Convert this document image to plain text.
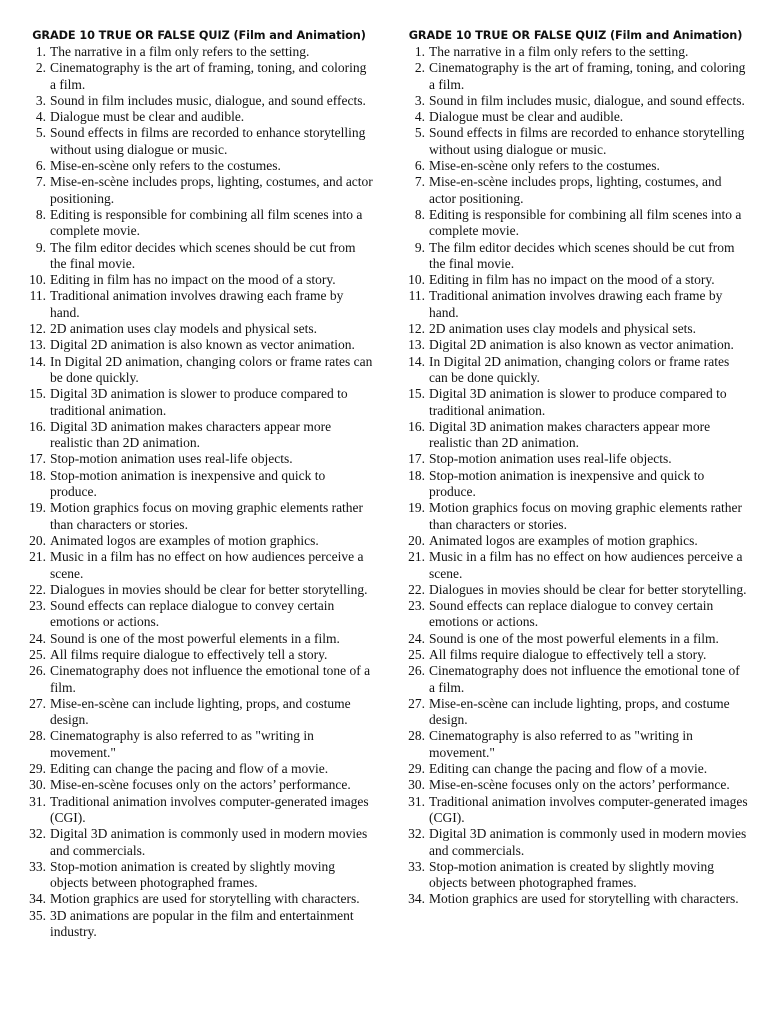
GRADE 10 TRUE OR FALSE QUIZ (Film and Animation)
1. The narrative in a film only refers to the setting.
2. Cinematography is the art of framing, toning, and coloring a film.
3. Sound in film includes music, dialogue, and sound effects.
4. Dialogue must be clear and audible.
5. Sound effects in films are recorded to enhance storytelling without using dialogue or music.
6. Mise-en-scène only refers to the costumes.
7. Mise-en-scène includes props, lighting, costumes, and actor positioning.
8. Editing is responsible for combining all film scenes into a complete movie.
9. The film editor decides which scenes should be cut from the final movie.
10. Editing in film has no impact on the mood of a story.
11. Traditional animation involves drawing each frame by hand.
12. 2D animation uses clay models and physical sets.
13. Digital 2D animation is also known as vector animation.
14. In Digital 2D animation, changing colors or frame rates can be done quickly.
15. Digital 3D animation is slower to produce compared to traditional animation.
16. Digital 3D animation makes characters appear more realistic than 2D animation.
17. Stop-motion animation uses real-life objects.
18. Stop-motion animation is inexpensive and quick to produce.
19. Motion graphics focus on moving graphic elements rather than characters or stories.
20. Animated logos are examples of motion graphics.
21. Music in a film has no effect on how audiences perceive a scene.
22. Dialogues in movies should be clear for better storytelling.
23. Sound effects can replace dialogue to convey certain emotions or actions.
24. Sound is one of the most powerful elements in a film.
25. All films require dialogue to effectively tell a story.
26. Cinematography does not influence the emotional tone of a film.
27. Mise-en-scène can include lighting, props, and costume design.
28. Cinematography is also referred to as "writing in movement."
29. Editing can change the pacing and flow of a movie.
30. Mise-en-scène focuses only on the actors’ performance.
31. Traditional animation involves computer-generated images (CGI).
32. Digital 3D animation is commonly used in modern movies and commercials.
33. Stop-motion animation is created by slightly moving objects between photographed frames.
34. Motion graphics are used for storytelling with characters.
35. 3D animations are popular in the film and entertainment industry.
GRADE 10 TRUE OR FALSE QUIZ (Film and Animation)
1. The narrative in a film only refers to the setting.
2. Cinematography is the art of framing, toning, and coloring a film.
3. Sound in film includes music, dialogue, and sound effects.
4. Dialogue must be clear and audible.
5. Sound effects in films are recorded to enhance storytelling without using dialogue or music.
6. Mise-en-scène only refers to the costumes.
7. Mise-en-scène includes props, lighting, costumes, and actor positioning.
8. Editing is responsible for combining all film scenes into a complete movie.
9. The film editor decides which scenes should be cut from the final movie.
10. Editing in film has no impact on the mood of a story.
11. Traditional animation involves drawing each frame by hand.
12. 2D animation uses clay models and physical sets.
13. Digital 2D animation is also known as vector animation.
14. In Digital 2D animation, changing colors or frame rates can be done quickly.
15. Digital 3D animation is slower to produce compared to traditional animation.
16. Digital 3D animation makes characters appear more realistic than 2D animation.
17. Stop-motion animation uses real-life objects.
18. Stop-motion animation is inexpensive and quick to produce.
19. Motion graphics focus on moving graphic elements rather than characters or stories.
20. Animated logos are examples of motion graphics.
21. Music in a film has no effect on how audiences perceive a scene.
22. Dialogues in movies should be clear for better storytelling.
23. Sound effects can replace dialogue to convey certain emotions or actions.
24. Sound is one of the most powerful elements in a film.
25. All films require dialogue to effectively tell a story.
26. Cinematography does not influence the emotional tone of a film.
27. Mise-en-scène can include lighting, props, and costume design.
28. Cinematography is also referred to as "writing in movement."
29. Editing can change the pacing and flow of a movie.
30. Mise-en-scène focuses only on the actors’ performance.
31. Traditional animation involves computer-generated images (CGI).
32. Digital 3D animation is commonly used in modern movies and commercials.
33. Stop-motion animation is created by slightly moving objects between photographed frames.
34. Motion graphics are used for storytelling with characters.
